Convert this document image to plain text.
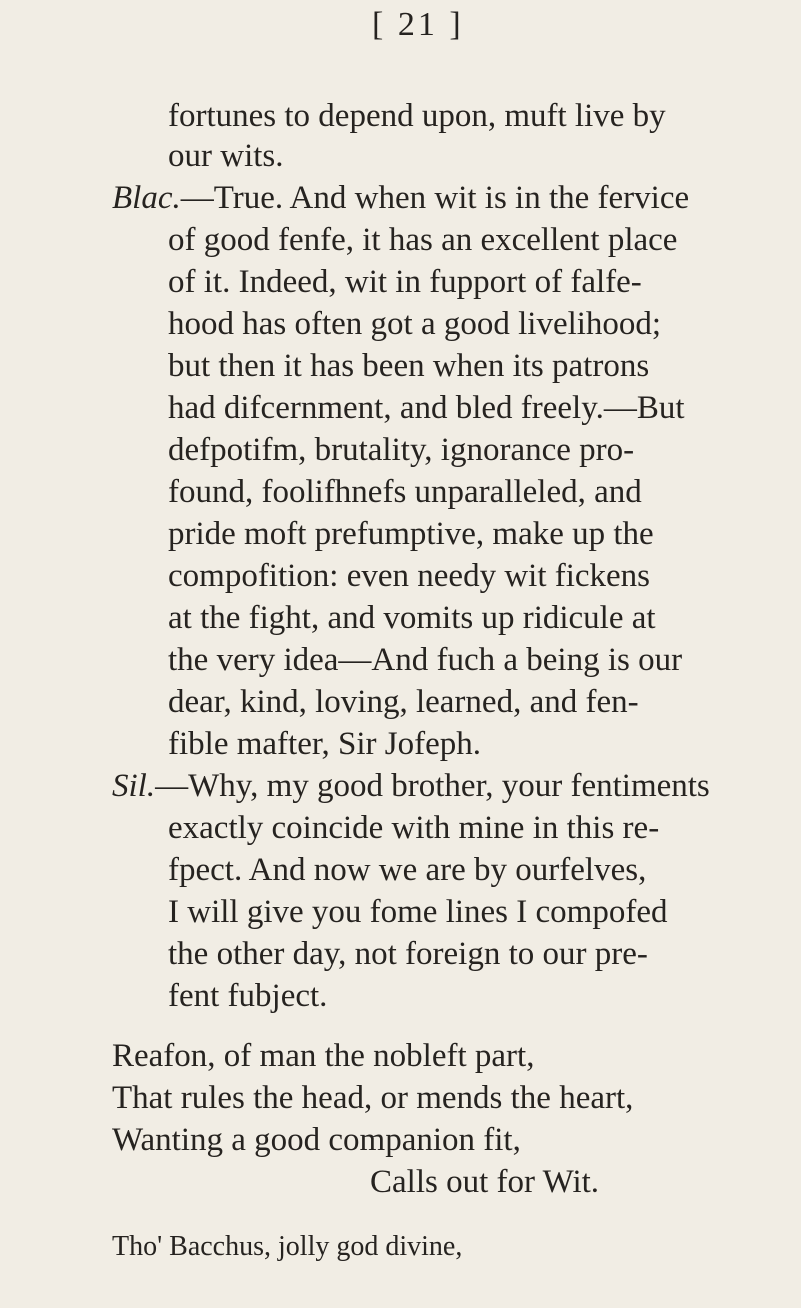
[ 21 ]
fortunes to depend upon, muft live by
our wits.
Blac.—True. And when wit is in the fervice
of good fenfe, it has an excellent place
of it. Indeed, wit in fupport of falfe-
hood has often got a good livelihood;
but then it has been when its patrons
had difcernment, and bled freely.—But
defpotifm, brutality, ignorance pro-
found, foolifhnefs unparalleled, and
pride moft prefumptive, make up the
compofition: even needy wit fickens
at the fight, and vomits up ridicule at
the very idea—And fuch a being is our
dear, kind, loving, learned, and fen-
fible mafter, Sir Jofeph.
Sil.—Why, my good brother, your fentiments
exactly coincide with mine in this re-
fpect. And now we are by ourfelves,
I will give you fome lines I compofed
the other day, not foreign to our pre-
fent fubject.
Reafon, of man the nobleft part,
That rules the head, or mends the heart,
Wanting a good companion fit,
Calls out for Wit.
Tho' Bacchus, jolly god divine,
